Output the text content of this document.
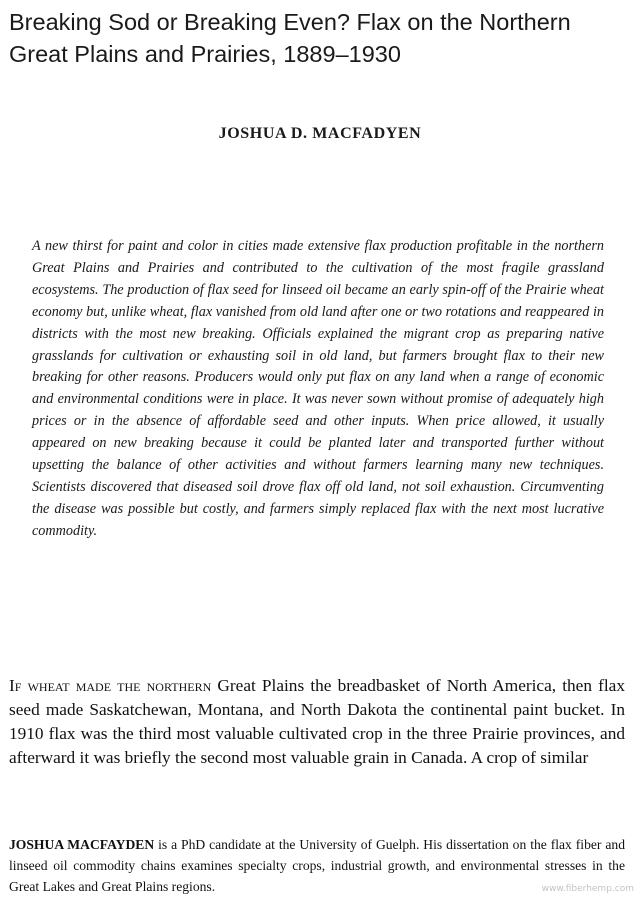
Breaking Sod or Breaking Even? Flax on the Northern Great Plains and Prairies, 1889–1930

JOSHUA D. MACFADYEN

A new thirst for paint and color in cities made extensive flax production profitable in the northern Great Plains and Prairies and contributed to the cultivation of the most fragile grassland ecosystems. The production of flax seed for linseed oil became an early spin-off of the Prairie wheat economy but, unlike wheat, flax vanished from old land after one or two rotations and reappeared in districts with the most new breaking. Officials explained the migrant crop as preparing native grasslands for cultivation or exhausting soil in old land, but farmers brought flax to their new breaking for other reasons. Producers would only put flax on any land when a range of economic and environmental conditions were in place. It was never sown without promise of adequately high prices or in the absence of affordable seed and other inputs. When price allowed, it usually appeared on new breaking because it could be planted later and transported further without upsetting the balance of other activities and without farmers learning many new techniques. Scientists discovered that diseased soil drove flax off old land, not soil exhaustion. Circumventing the disease was possible but costly, and farmers simply replaced flax with the next most lucrative commodity.

If wheat made the northern Great Plains the breadbasket of North America, then flax seed made Saskatchewan, Montana, and North Dakota the continental paint bucket. In 1910 flax was the third most valuable cultivated crop in the three Prairie provinces, and afterward it was briefly the second most valuable grain in Canada. A crop of similar

JOSHUA MACFAYDEN is a PhD candidate at the University of Guelph. His dissertation on the flax fiber and linseed oil commodity chains examines specialty crops, industrial growth, and environmental stresses in the Great Lakes and Great Plains regions.	www.fiberhemp.com
